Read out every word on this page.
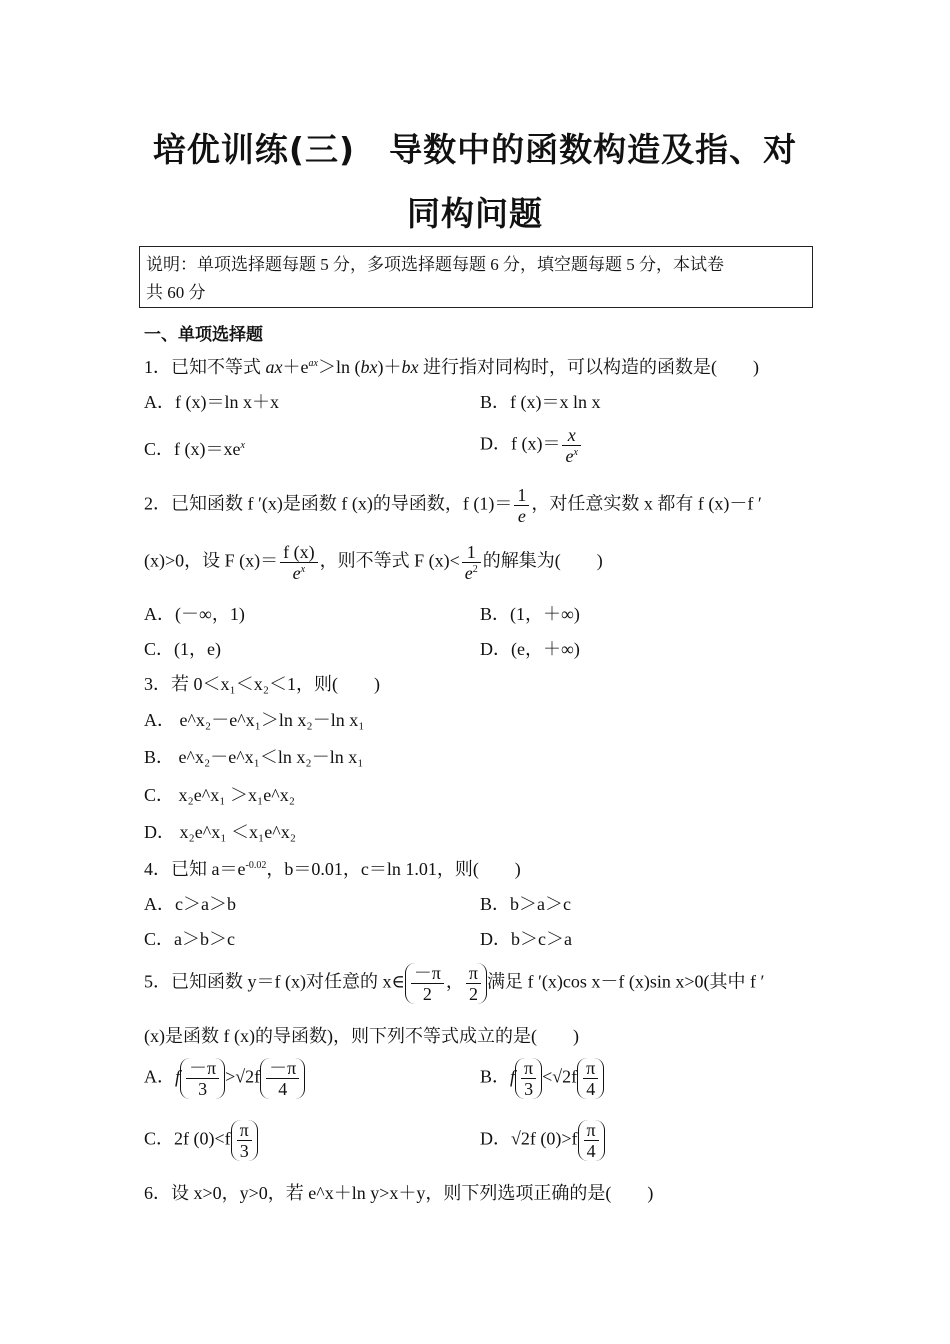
培优训练(三)　导数中的函数构造及指、对
同构问题
说明：单项选择题每题 5 分，多项选择题每题 6 分，填空题每题 5 分，本试卷
共 60 分
一、单项选择题
1．已知不等式 $ax+e^{ax}>\ln$ (bx)＋bx 进行指对同构时，可以构造的函数是(　　)
A．f (x)＝ln x＋x	B．f (x)＝x ln x
C．f $(x)=xe^x$	D．f $(x)= \frac{x}{e^x}$
2．已知函数 f ′(x)是函数 f (x)的导函数，f $(1)= \frac{1}{e}$ ，对任意实数 x 都有 f (x)－f ′
(x)>0，设 F $(x)= \frac{f (x)}{e^x}$ ，则不等式 F $(x)< \frac{1}{e^2}$ 的解集为(　　)
A．(－∞，1)	B．(1，＋∞)
C．(1，e)	D．(e，＋∞)
3．若 0＜x₁＜x₂＜1，则(　　)
A． e^x₂－e^x₁＞ln x₂－ln x₁
B． e^x₂－e^x₁＜ln x₂－ln x₁
C． x₂e^x₁ ＞x₁e^x₂
D． x₂e^x₁ ＜x₁e^x₂
4．已知 $a=e^{-0.02}$，b＝0.01，c＝ln 1.01，则(　　)
A．c＞a＞b	B．b＞a＞c
C．a＞b＞c	D．b＞c＞a
5．已知函数 y＝f (x)对任意的 x∈ $\frac{-\pi}{2}$ ， $\frac{\pi}{2}$ 满足 f ′(x)cos x－f (x)sin x>0(其中 f ′
(x)是函数 f (x)的导函数)，则下列不等式成立的是(　　)
A．f $\frac{-\pi}{3} >√2f \frac{-\pi}{4}$	B．f $\frac{\pi}{3} <√2f \frac{\pi}{4}$
C．2f $(0)<f \frac{\pi}{3}$	D．√2f $(0)>f \frac{\pi}{4}$
6．设 x>0，y>0，若 e^x＋ln y>x＋y，则下列选项正确的是(　　)
